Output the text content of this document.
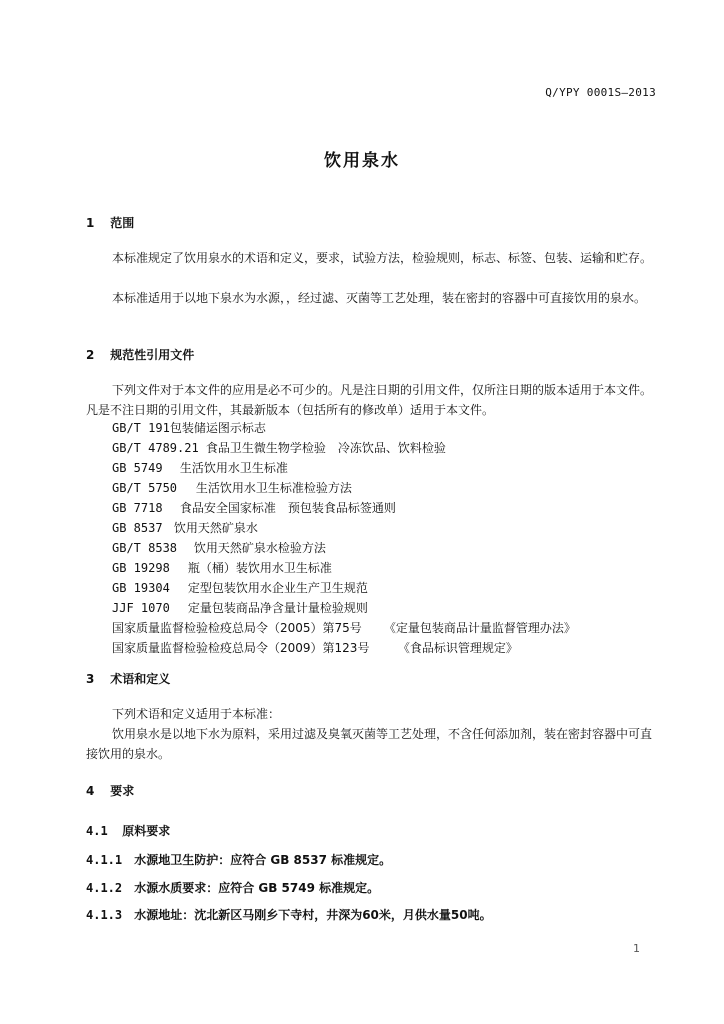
Q/YPY 0001S—2013
饮用泉水
1 范围
本标准规定了饮用泉水的术语和定义，要求，试验方法，检验规则，标志、标签、包装、运输和贮存。
本标准适用于以地下泉水为水源，，经过滤、灭菌等工艺处理，装在密封的容器中可直接饮用的泉水。
2 规范性引用文件
下列文件对于本文件的应用是必不可少的。凡是注日期的引用文件，仅所注日期的版本适用于本文件。凡是不注日期的引用文件，其最新版本（包括所有的修改单）适用于本文件。
GB/T 191 包装储运图示标志
GB/T 4789.21 食品卫生微生物学检验　冷冻饮品、饮料检验
GB 5749 生活饮用水卫生标准
GB/T 5750 生活饮用水卫生标准检验方法
GB 7718 食品安全国家标准　预包装食品标签通则
GB 8537 饮用天然矿泉水
GB/T 8538 饮用天然矿泉水检验方法
GB 19298 瓶（桶）装饮用水卫生标准
GB 19304 定型包装饮用水企业生产卫生规范
JJF 1070 定量包装商品净含量计量检验规则
国家质量监督检验检疫总局令（2005）第75号 《定量包装商品计量监督管理办法》
国家质量监督检验检疫总局令（2009）第123号 《食品标识管理规定》
3 术语和定义
下列术语和定义适用于本标准：
饮用泉水是以地下水为原料，采用过滤及臭氧灭菌等工艺处理，不含任何添加剂，装在密封容器中可直接饮用的泉水。
4 要求
4.1 原料要求
4.1.1 水源地卫生防护：应符合 GB 8537 标准规定。
4.1.2 水源水质要求：应符合 GB 5749 标准规定。
4.1.3 水源地址：沈北新区马刚乡下寺村，井深为60米，月供水量50吨。
1
